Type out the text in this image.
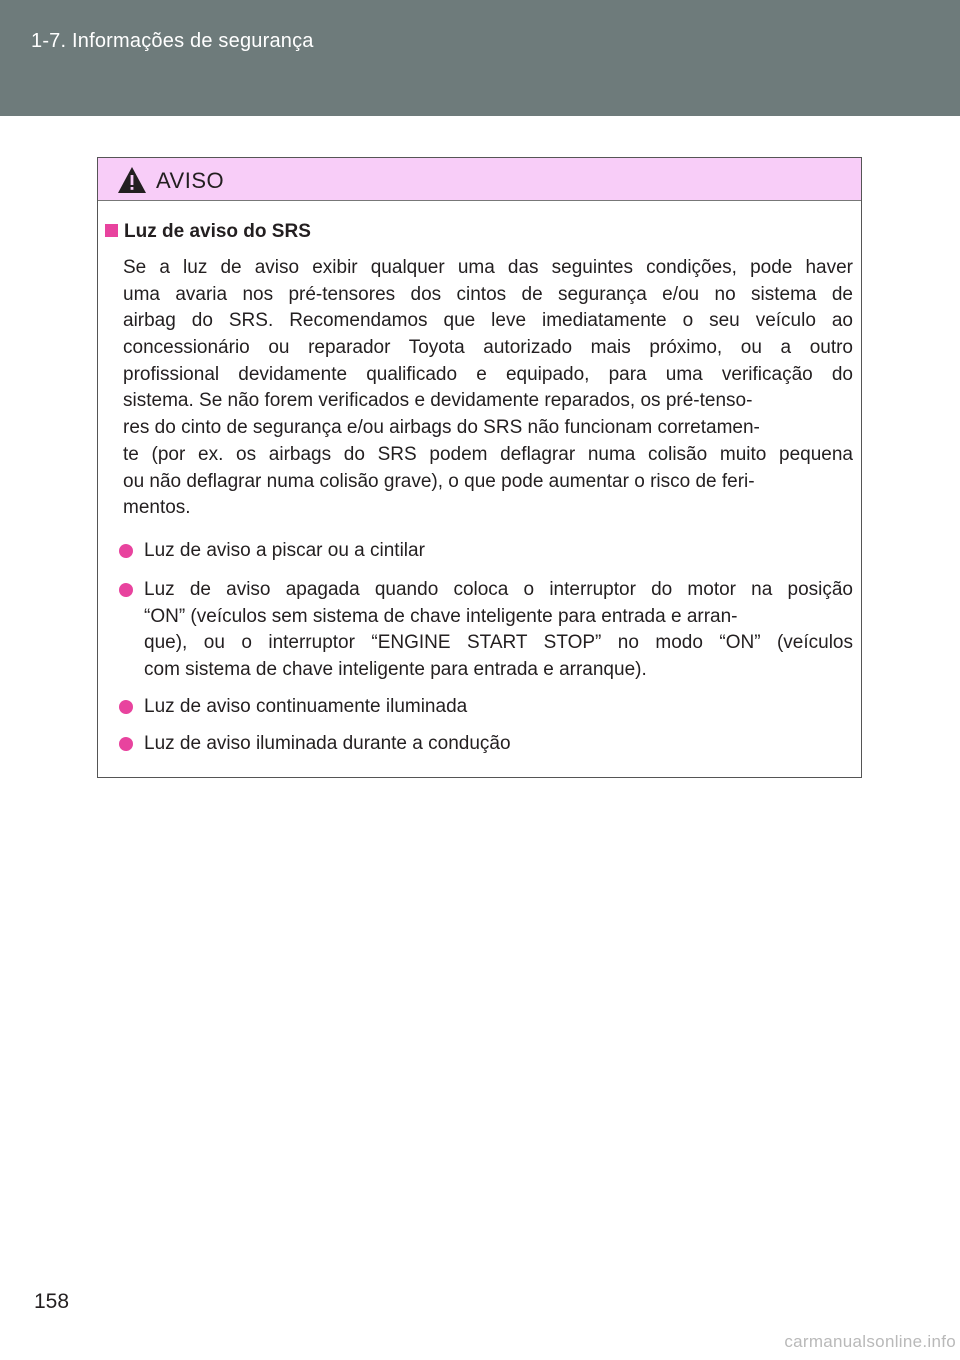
1-7. Informações de segurança
AVISO
Luz de aviso do SRS
Se a luz de aviso exibir qualquer uma das seguintes condições, pode haver
uma avaria nos pré-tensores dos cintos de segurança e/ou no sistema de
airbag do SRS. Recomendamos que leve imediatamente o seu veículo ao
concessionário ou reparador Toyota autorizado mais próximo, ou a outro
profissional devidamente qualificado e equipado, para uma verificação do
sistema. Se não forem verificados e devidamente reparados, os pré-tenso-
res do cinto de segurança e/ou airbags do SRS não funcionam corretamen-
te (por ex. os airbags do SRS podem deflagrar numa colisão muito pequena
ou não deflagrar numa colisão grave), o que pode aumentar o risco de feri-
mentos.
Luz de aviso a piscar ou a cintilar
Luz de aviso apagada quando coloca o interruptor do motor na posição
“ON” (veículos sem sistema de chave inteligente para entrada e arran-
que), ou o interruptor “ENGINE START STOP” no modo “ON” (veículos
com sistema de chave inteligente para entrada e arranque).
Luz de aviso continuamente iluminada
Luz de aviso iluminada durante a condução
158
carmanualsonline.info
